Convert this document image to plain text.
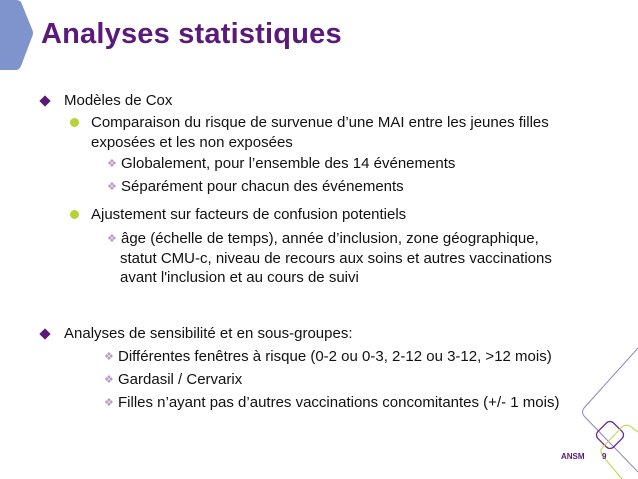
Analyses statistiques
Modèles de Cox
Comparaison du risque de survenue d’une MAI entre les jeunes filles
exposées et les non exposées
❖ Globalement, pour l’ensemble des 14 événements
❖ Séparément pour chacun des événements
Ajustement sur facteurs de confusion potentiels
❖ âge (échelle de temps), année d’inclusion, zone géographique,
statut CMU-c, niveau de recours aux soins et autres vaccinations
avant l'inclusion et au cours de suivi
Analyses de sensibilité et en sous-groupes:
❖ Différentes fenêtres à risque (0-2 ou 0-3, 2-12 ou 3-12, >12 mois)
❖ Gardasil / Cervarix
❖ Filles n’ayant pas d’autres vaccinations concomitantes (+/- 1 mois)
ANSM 9
